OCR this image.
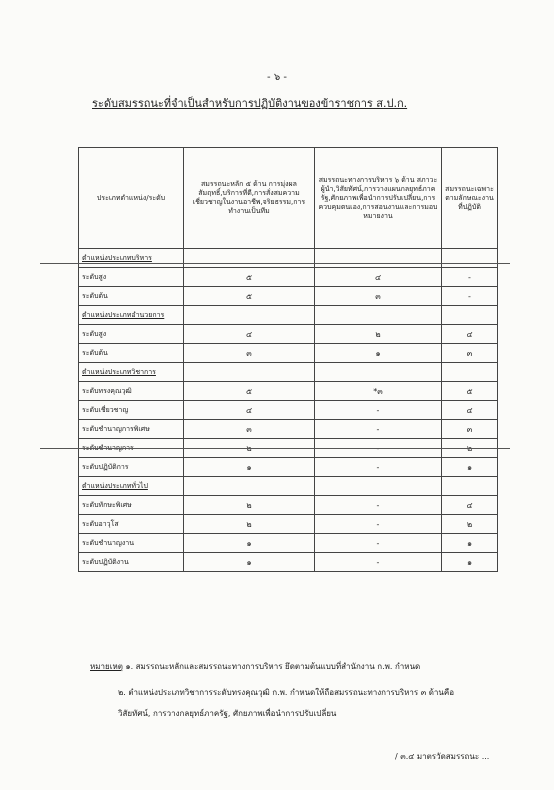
- ๖ -
ระดับสมรรถนะที่จำเป็นสำหรับการปฏิบัติงานของข้าราชการ ส.ป.ก.
ประเภทตำแหน่ง/ระดับ	สมรรถนะหลัก ๕ ด้าน การมุ่งผลสัมฤทธิ์,บริการที่ดี,การสั่งสมความเชี่ยวชาญในงานอาชีพ,จริยธรรม,การทำงานเป็นทีม	สมรรถนะทางการบริหาร ๖ ด้าน สภาวะผู้นำ,วิสัยทัศน์,การวางแผนกลยุทธ์ภาครัฐ,ศักยภาพเพื่อนำการปรับเปลี่ยน,การควบคุมตนเอง,การสอนงานและการมอบหมายงาน	สมรรถนะเฉพาะตามลักษณะงานที่ปฏิบัติ
ตำแหน่งประเภทบริหาร			
ระดับสูง	๕	๔	-
ระดับต้น	๕	๓	-
ตำแหน่งประเภทอำนวยการ			
ระดับสูง	๔	๒	๔
ระดับต้น	๓	๑	๓
ตำแหน่งประเภทวิชาการ			
ระดับทรงคุณวุฒิ	๕	*๓	๕
ระดับเชี่ยวชาญ	๔	-	๔
ระดับชำนาญการพิเศษ	๓	-	๓
ระดับชำนาญการ	๒	-	๒
ระดับปฏิบัติการ	๑	-	๑
ตำแหน่งประเภททั่วไป			
ระดับทักษะพิเศษ	๒	-	๔
ระดับอาวุโส	๒	-	๒
ระดับชำนาญงาน	๑	-	๑
ระดับปฏิบัติงาน	๑	-	๑
หมายเหตุ ๑. สมรรถนะหลักและสมรรถนะทางการบริหาร ยึดตามต้นแบบที่สำนักงาน ก.พ. กำหนด
๒. ตำแหน่งประเภทวิชาการระดับทรงคุณวุฒิ ก.พ. กำหนดให้ถือสมรรถนะทางการบริหาร ๓ ด้านคือ
วิสัยทัศน์, การวางกลยุทธ์ภาครัฐ, ศักยภาพเพื่อนำการปรับเปลี่ยน
/ ๓.๔ มาตรวัดสมรรถนะ ...
